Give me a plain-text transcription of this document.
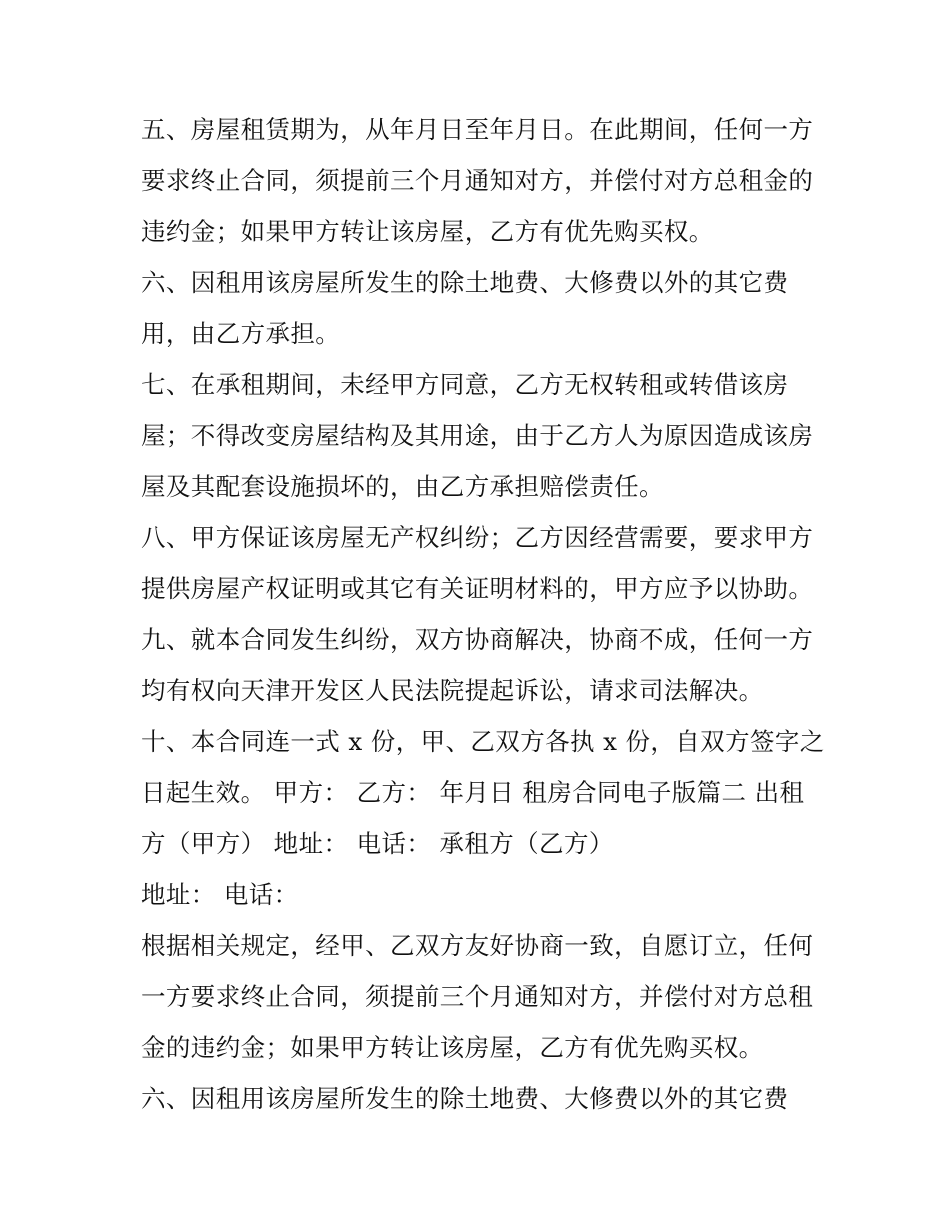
五、房屋租赁期为，从年月日至年月日。在此期间，任何一方
要求终止合同，须提前三个月通知对方，并偿付对方总租金的
违约金；如果甲方转让该房屋，乙方有优先购买权。
六、因租用该房屋所发生的除土地费、大修费以外的其它费
用，由乙方承担。
七、在承租期间，未经甲方同意，乙方无权转租或转借该房
屋；不得改变房屋结构及其用途，由于乙方人为原因造成该房
屋及其配套设施损坏的，由乙方承担赔偿责任。
八、甲方保证该房屋无产权纠纷；乙方因经营需要，要求甲方
提供房屋产权证明或其它有关证明材料的，甲方应予以协助。
九、就本合同发生纠纷，双方协商解决，协商不成，任何一方
均有权向天津开发区人民法院提起诉讼，请求司法解决。
十、本合同连一式 x 份，甲、乙双方各执 x 份，自双方签字之
日起生效。 甲方： 乙方： 年月日 租房合同电子版篇二 出租
方（甲方） 地址： 电话： 承租方（乙方）
地址： 电话：
根据相关规定，经甲、乙双方友好协商一致，自愿订立，任何
一方要求终止合同，须提前三个月通知对方，并偿付对方总租
金的违约金；如果甲方转让该房屋，乙方有优先购买权。
六、因租用该房屋所发生的除土地费、大修费以外的其它费
